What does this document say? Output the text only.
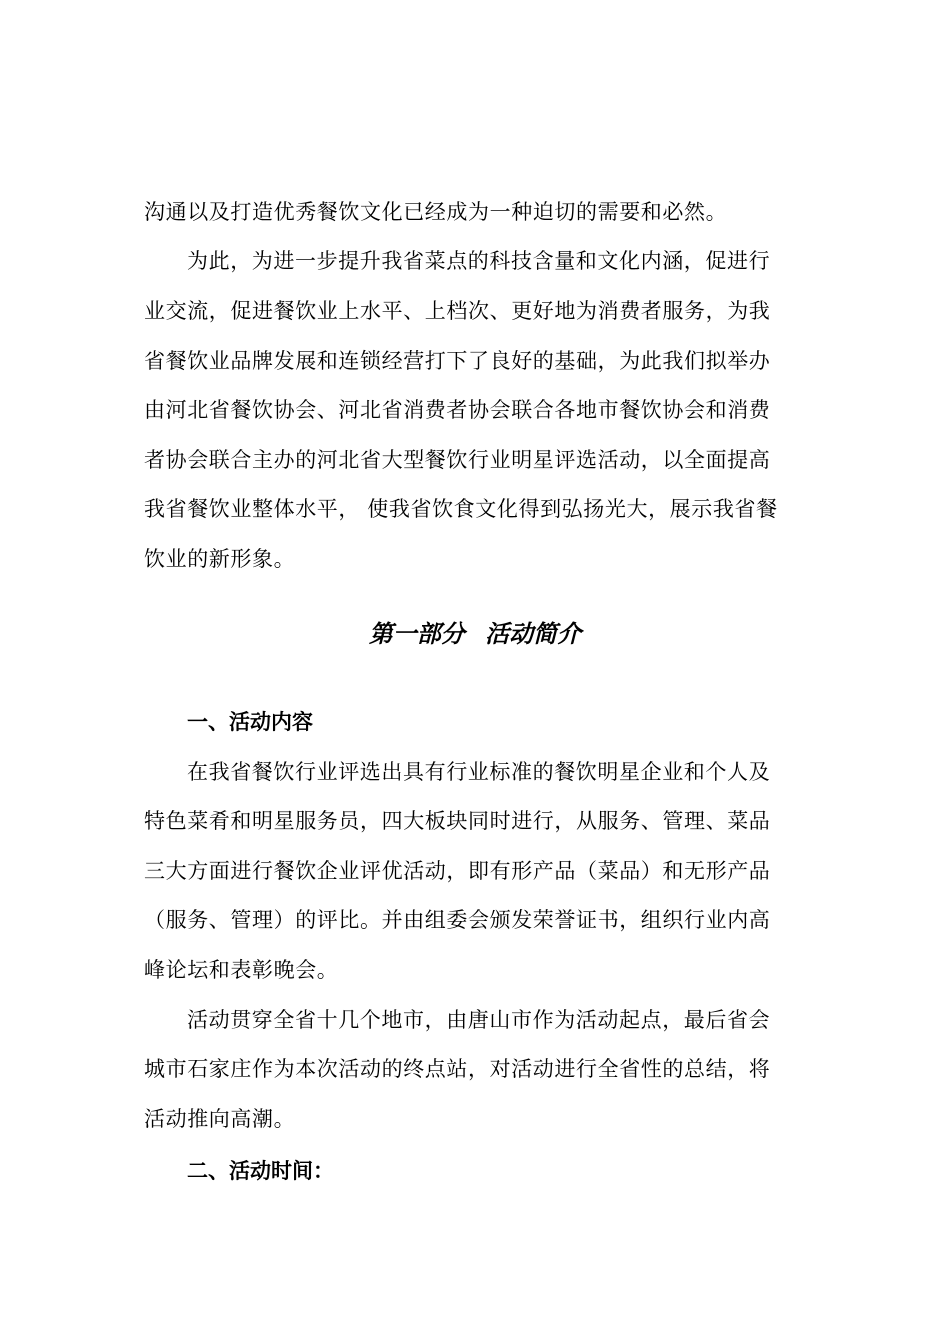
沟通以及打造优秀餐饮文化已经成为一种迫切的需要和必然。
为此，为进一步提升我省菜点的科技含量和文化内涵，促进行
业交流，促进餐饮业上水平、上档次、更好地为消费者服务，为我
省餐饮业品牌发展和连锁经营打下了良好的基础，为此我们拟举办
由河北省餐饮协会、河北省消费者协会联合各地市餐饮协会和消费
者协会联合主办的河北省大型餐饮行业明星评选活动，以全面提高
我省餐饮业整体水平， 使我省饮食文化得到弘扬光大，展示我省餐
饮业的新形象。
第一部分 活动简介
一、活动内容
在我省餐饮行业评选出具有行业标准的餐饮明星企业和个人及
特色菜肴和明星服务员，四大板块同时进行，从服务、管理、菜品
三大方面进行餐饮企业评优活动，即有形产品（菜品）和无形产品
（服务、管理）的评比。并由组委会颁发荣誉证书，组织行业内高
峰论坛和表彰晚会。
活动贯穿全省十几个地市，由唐山市作为活动起点，最后省会
城市石家庄作为本次活动的终点站，对活动进行全省性的总结，将
活动推向高潮。
二、活动时间：
